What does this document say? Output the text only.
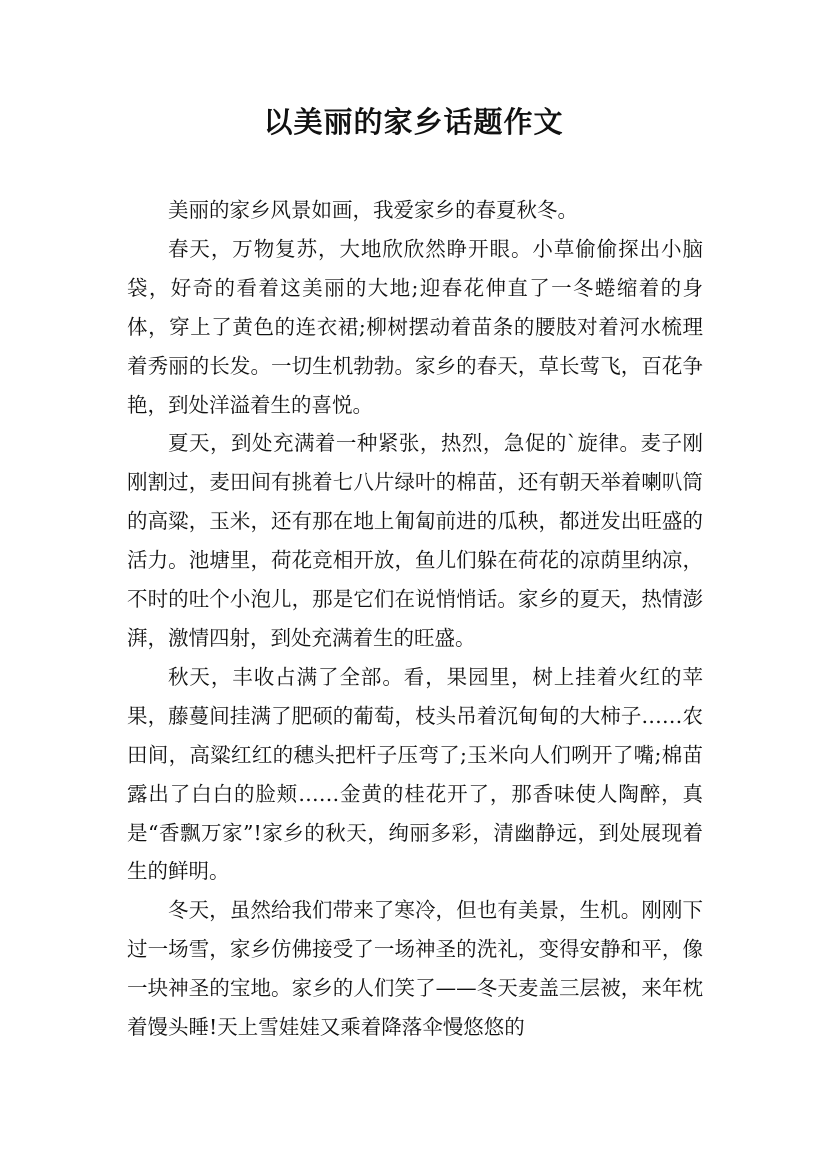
以美丽的家乡话题作文

美丽的家乡风景如画，我爱家乡的春夏秋冬。

春天，万物复苏，大地欣欣然睁开眼。小草偷偷探出小脑袋，好奇的看着这美丽的大地;迎春花伸直了一冬蜷缩着的身体，穿上了黄色的连衣裙;柳树摆动着苗条的腰肢对着河水梳理着秀丽的长发。一切生机勃勃。家乡的春天，草长莺飞，百花争艳，到处洋溢着生的喜悦。

夏天，到处充满着一种紧张，热烈，急促的`旋律。麦子刚刚割过，麦田间有挑着七八片绿叶的棉苗，还有朝天举着喇叭筒的高粱，玉米，还有那在地上匍匐前进的瓜秧，都迸发出旺盛的活力。池塘里，荷花竞相开放，鱼儿们躲在荷花的凉荫里纳凉，不时的吐个小泡儿，那是它们在说悄悄话。家乡的夏天，热情澎湃，激情四射，到处充满着生的旺盛。

秋天，丰收占满了全部。看，果园里，树上挂着火红的苹果，藤蔓间挂满了肥硕的葡萄，枝头吊着沉甸甸的大柿子……农田间，高粱红红的穗头把杆子压弯了;玉米向人们咧开了嘴;棉苗露出了白白的脸颊……金黄的桂花开了，那香味使人陶醉，真是“香飘万家”!家乡的秋天，绚丽多彩，清幽静远，到处展现着生的鲜明。

冬天，虽然给我们带来了寒冷，但也有美景，生机。刚刚下过一场雪，家乡仿佛接受了一场神圣的洗礼，变得安静和平，像一块神圣的宝地。家乡的人们笑了——冬天麦盖三层被，来年枕着馒头睡!天上雪娃娃又乘着降落伞慢悠悠的
